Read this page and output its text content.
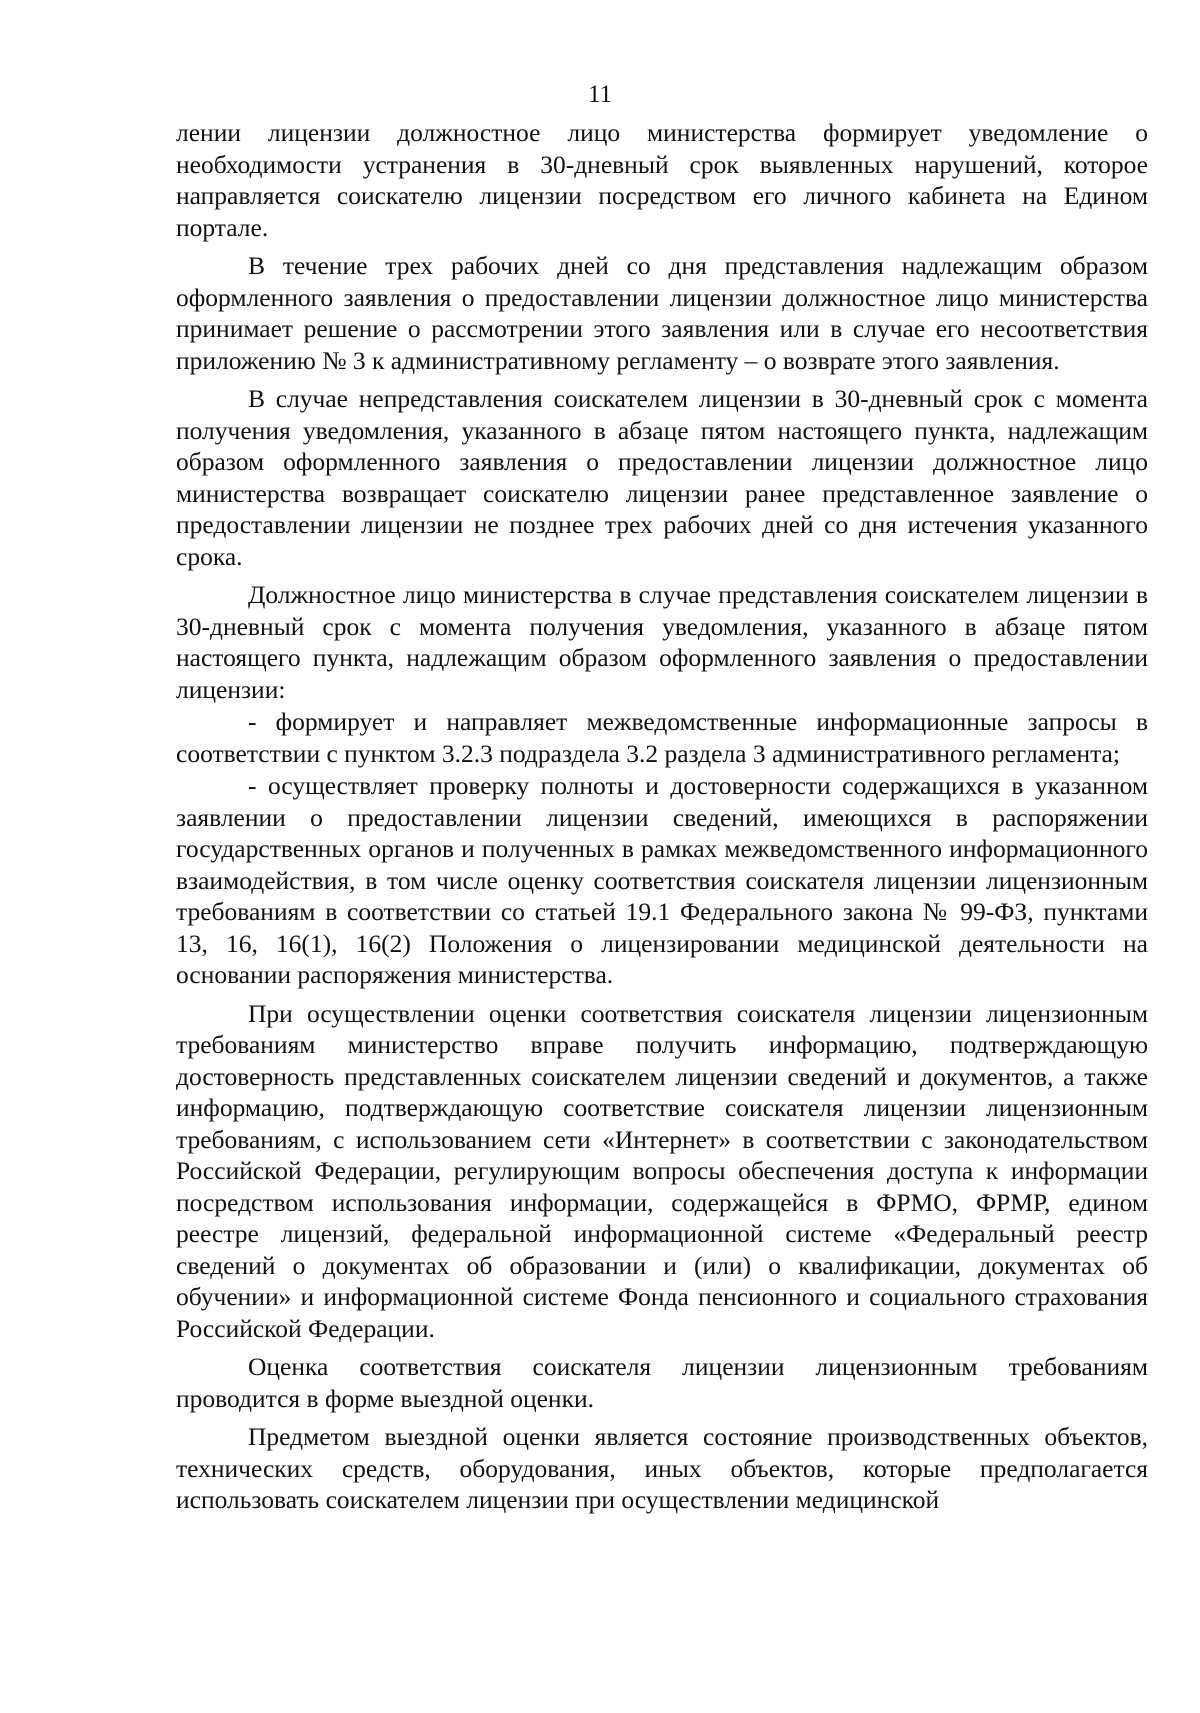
11

лении лицензии должностное лицо министерства формирует уведомление о необходимости устранения в 30-дневный срок выявленных нарушений, которое направляется соискателю лицензии посредством его личного кабинета на Едином портале.

В течение трех рабочих дней со дня представления надлежащим образом оформленного заявления о предоставлении лицензии должностное лицо министерства принимает решение о рассмотрении этого заявления или в случае его несоответствия приложению № 3 к административному регламенту – о возврате этого заявления.

В случае непредставления соискателем лицензии в 30-дневный срок с момента получения уведомления, указанного в абзаце пятом настоящего пункта, надлежащим образом оформленного заявления о предоставлении лицензии должностное лицо министерства возвращает соискателю лицензии ранее представленное заявление о предоставлении лицензии не позднее трех рабочих дней со дня истечения указанного срока.

Должностное лицо министерства в случае представления соискателем лицензии в 30-дневный срок с момента получения уведомления, указанного в абзаце пятом настоящего пункта, надлежащим образом оформленного заявления о предоставлении лицензии:

- формирует и направляет межведомственные информационные запросы в соответствии с пунктом 3.2.3 подраздела 3.2 раздела 3 административного регламента;

- осуществляет проверку полноты и достоверности содержащихся в указанном заявлении о предоставлении лицензии сведений, имеющихся в распоряжении государственных органов и полученных в рамках межведомственного информационного взаимодействия, в том числе оценку соответствия соискателя лицензии лицензионным требованиям в соответствии со статьей 19.1 Федерального закона № 99-ФЗ, пунктами 13, 16, 16(1), 16(2) Положения о лицензировании медицинской деятельности на основании распоряжения министерства.

При осуществлении оценки соответствия соискателя лицензии лицензионным требованиям министерство вправе получить информацию, подтверждающую достоверность представленных соискателем лицензии сведений и документов, а также информацию, подтверждающую соответствие соискателя лицензии лицензионным требованиям, с использованием сети «Интернет» в соответствии с законодательством Российской Федерации, регулирующим вопросы обеспечения доступа к информации посредством использования информации, содержащейся в ФРМО, ФРМР, едином реестре лицензий, федеральной информационной системе «Федеральный реестр сведений о документах об образовании и (или) о квалификации, документах об обучении» и информационной системе Фонда пенсионного и социального страхования Российской Федерации.

Оценка соответствия соискателя лицензии лицензионным требованиям проводится в форме выездной оценки.

Предметом выездной оценки является состояние производственных объектов, технических средств, оборудования, иных объектов, которые предполагается использовать соискателем лицензии при осуществлении медицинской
